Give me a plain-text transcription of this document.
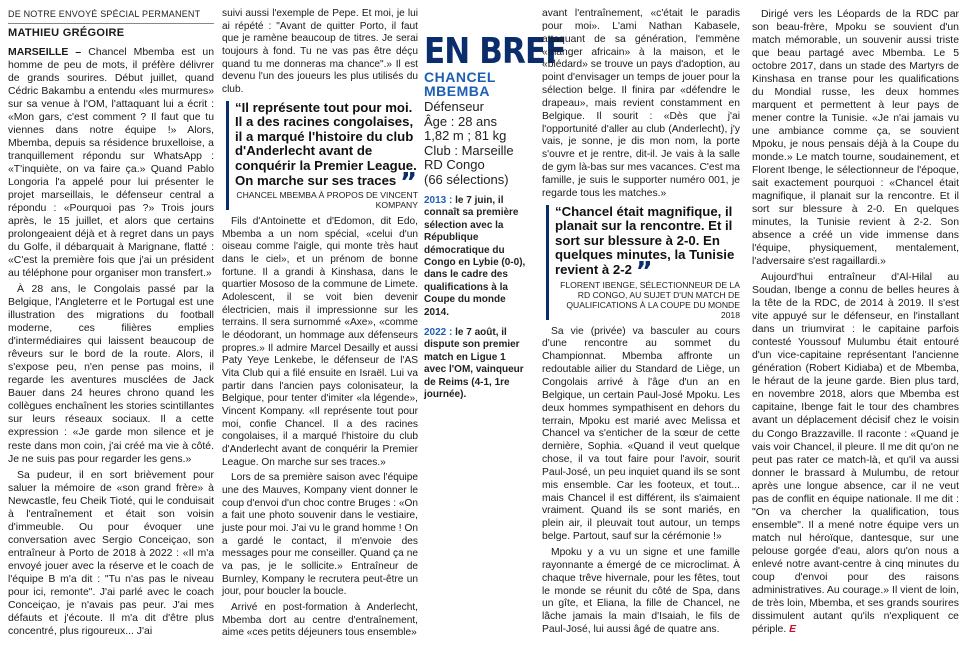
DE NOTRE ENVOYÉ SPÉCIAL PERMANENT
MATHIEU GRÉGOIRE

MARSEILLE – Chancel Mbemba est un homme de peu de mots, il préfère délivrer de grands sourires. Début juillet, quand Cédric Bakambu a entendu «les murmures» sur sa venue à l'OM, l'attaquant lui a écrit : «Mon gars, c'est comment ? Il faut que tu viennes dans notre équipe !» Alors, Mbemba, depuis sa résidence bruxelloise, a tranquillement répondu sur WhatsApp : «T'inquiète, on va faire ça.» Quand Pablo Longoria l'a appelé pour lui présenter le projet marseillais, le défenseur central a répondu : «Pourquoi pas ?» Trois jours après, le 15 juillet, et alors que certains prolongeaient déjà et à regret dans un pays du Golfe, il débarquait à Marignane, flatté : «C'est la première fois que j'ai un président au téléphone pour organiser mon transfert.»

À 28 ans, le Congolais passé par la Belgique, l'Angleterre et le Portugal est une illustration des migrations du football moderne, ces filières emplies d'intermédiaires qui laissent beaucoup de rêveurs sur le bord de la route. Alors, il s'expose peu, n'en pense pas moins, il regarde les aventures musclées de Jack Bauer dans 24 heures chrono quand les collègues enchaînent les stories scintillantes sur leurs réseaux sociaux. Il a cette expression : «Je garde mon silence et je reste dans mon coin, j'ai créé ma vie à côté. Je ne suis pas pour regarder les gens.»

Sa pudeur, il en sort brièvement pour saluer la mémoire de «son grand frère» à Newcastle, feu Cheik Tioté, qui le conduisait à l'entraînement et était son voisin d'immeuble. Ou pour évoquer une conversation avec Sergio Conceiçao, son entraîneur à Porto de 2018 à 2022 : «Il m'a envoyé jouer avec la réserve et le coach de l'équipe B m'a dit : "Tu n'as pas le niveau pour ici, remonte". J'ai parlé avec le coach Conceiçao, je n'avais pas peur. J'ai mes défauts et j'écoute. Il m'a dit d'être plus concentré, plus rigoureux... J'ai

suivi aussi l'exemple de Pepe. Et moi, je lui ai répété : "Avant de quitter Porto, il faut que je ramène beaucoup de titres. Je serai toujours à fond. Tu ne vas pas être déçu quand tu me donneras ma chance".» Il est devenu l'un des joueurs les plus utilisés du club.

“Il représente tout pour moi. Il a des racines congolaises, il a marqué l'histoire du club d'Anderlecht avant de conquérir la Premier League. On marche sur ses traces ”
CHANCEL MBEMBA À PROPOS DE VINCENT KOMPANY

Fils d'Antoinette et d'Edomon, dit Edo, Mbemba a un nom spécial, «celui d'un oiseau comme l'aigle, qui monte très haut dans le ciel», et un prénom de bonne fortune. Il a grandi à Kinshasa, dans le quartier Mososo de la commune de Limete. Adolescent, il se voit bien devenir électricien, mais il impressionne sur les terrains. Il sera surnommé «Axe», «comme le déodorant, un hommage aux défenseurs propres.» Il admire Marcel Desailly et aussi Paty Yeye Lenkebe, le défenseur de l'AS Vita Club qui a filé ensuite en Israël. Lui va partir dans l'ancien pays colonisateur, la Belgique, pour tenter d'imiter «la légende», Vincent Kompany. «Il représente tout pour moi, confie Chancel. Il a des racines congolaises, il a marqué l'histoire du club d'Anderlecht avant de conquérir la Premier League. On marche sur ses traces.»

Lors de sa première saison avec l'équipe une des Mauves, Kompany vient donner le coup d'envoi d'un choc contre Bruges : «On a fait une photo souvenir dans le vestiaire, juste pour moi. J'ai vu le grand homme ! On a gardé le contact, il m'envoie des messages pour me conseiller. Quand ça ne va pas, je le sollicite.» Entraîneur de Burnley, Kompany le recrutera peut-être un jour, pour boucler la boucle.

Arrivé en post-formation à Anderlecht, Mbemba dort au centre d'entraînement, aime «ces petits déjeuners tous ensemble»

EN BREF
CHANCEL
MBEMBA
Défenseur
Âge : 28 ans
1,82 m ; 81 kg
Club : Marseille
RD Congo
(66 sélections)
2013 : le 7 juin, il connaît sa première sélection avec la République démocratique du Congo en Lybie (0-0), dans le cadre des qualifications à la Coupe du monde 2014.
2022 : le 7 août, il dispute son premier match en Ligue 1 avec l'OM, vainqueur de Reims (4-1, 1re journée).

avant l'entraînement, «c'était le paradis pour moi». L'ami Nathan Kabasele, attaquant de sa génération, l'emmène «manger africain» à la maison, et le «blédard» se trouve un pays d'adoption, au point d'envisager un temps de jouer pour la sélection belge. Il finira par «défendre le drapeau», mais revient constamment en Belgique. Il sourit : «Dès que j'ai l'opportunité d'aller au club (Anderlecht), j'y vais, je sonne, je dis mon nom, la porte s'ouvre et je rentre, dit-il. Je vais à la salle de gym là-bas sur mes vacances. C'est ma famille, je suis le supporter numéro 001, je regarde tous les matches.»

“Chancel était magnifique, il planait sur la rencontre. Et il sort sur blessure à 2-0. En quelques minutes, la Tunisie revient à 2-2 ”
FLORENT IBENGE, SÉLECTIONNEUR DE LA RD CONGO, AU SUJET D'UN MATCH DE QUALIFICATIONS À LA COUPE DU MONDE 2018

Sa vie (privée) va basculer au cours d'une rencontre au sommet du Championnat. Mbemba affronte un redoutable ailier du Standard de Liège, un Congolais arrivé à l'âge d'un an en Belgique, un certain Paul-José Mpoku. Les deux hommes sympathisent en dehors du terrain, Mpoku est marié avec Melissa et Chancel va s'enticher de la sœur de cette dernière, Sophia. «Quand il veut quelque chose, il va tout faire pour l'avoir, sourit Paul-José, un peu inquiet quand ils se sont mis ensemble. Car les footeux, et tout... mais Chancel il est différent, ils s'aimaient vraiment. Quand ils se sont mariés, en plein air, il pleuvait tout autour, un temps belge. Partout, sauf sur la cérémonie !»

Mpoku y a vu un signe et une famille rayonnante a émergé de ce microclimat. À chaque trêve hivernale, pour les fêtes, tout le monde se réunit du côté de Spa, dans un gîte, et Eliana, la fille de Chancel, ne lâche jamais la main d'Isaiah, le fils de Paul-José, lui aussi âgé de quatre ans.

Dirigé vers les Léopards de la RDC par son beau-frère, Mpoku se souvient d'un match mémorable, un souvenir aussi triste que beau partagé avec Mbemba. Le 5 octobre 2017, dans un stade des Martyrs de Kinshasa en transe pour les qualifications du Mondial russe, les deux hommes marquent et permettent à leur pays de mener contre la Tunisie. «Je n'ai jamais vu une ambiance comme ça, se souvient Mpoku, je nous pensais déjà à la Coupe du monde.» Le match tourne, soudainement, et Florent Ibenge, le sélectionneur de l'époque, sait exactement pourquoi : «Chancel était magnifique, il planait sur la rencontre. Et il sort sur blessure à 2-0. En quelques minutes, la Tunisie revient à 2-2. Son absence a créé un vide immense dans l'équipe, physiquement, mentalement, l'adversaire s'est ragaillardi.»

Aujourd'hui entraîneur d'Al-Hilal au Soudan, Ibenge a connu de belles heures à la tête de la RDC, de 2014 à 2019. Il s'est vite appuyé sur le défenseur, en l'installant dans un triumvirat : le capitaine parfois contesté Youssouf Mulumbu était entouré d'un vice-capitaine représentant l'ancienne génération (Robert Kidiaba) et de Mbemba, le héraut de la jeune garde. Bien plus tard, en novembre 2018, alors que Mbemba est capitaine, Ibenge fait le tour des chambres avant un déplacement décisif chez le voisin du Congo Brazzaville. Il raconte : «Quand je vais voir Chancel, il pleure. Il me dit qu'on ne peut pas rater ce match-là, et qu'il va aussi donner le brassard à Mulumbu, de retour après une longue absence, car il ne veut pas de conflit en équipe nationale. Il me dit : "On va chercher la qualification, tous ensemble". Il a mené notre équipe vers un match nul héroïque, dantesque, sur une pelouse gorgée d'eau, alors qu'on nous a enlevé notre avant-centre à cinq minutes du coup d'envoi pour des raisons administratives. Au courage.» Il vient de loin, de très loin, Mbemba, et ses grands sourires dissimulent autant qu'ils n'expliquent ce périple. E
